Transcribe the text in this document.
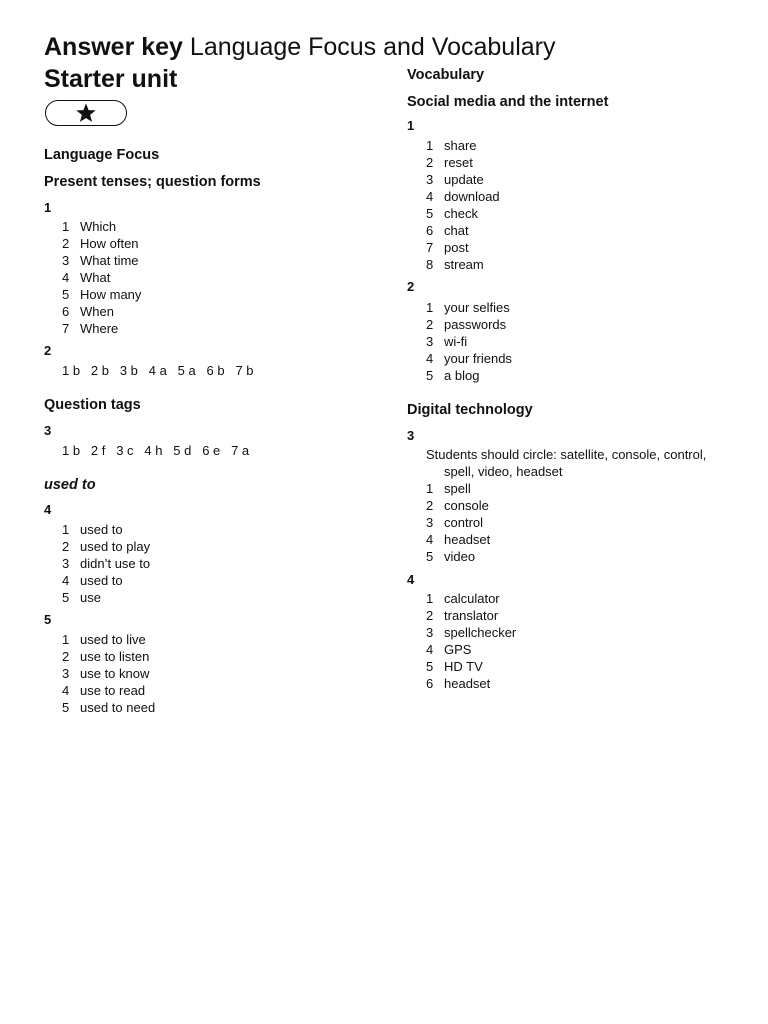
Answer key Language Focus and Vocabulary
Starter unit
Language Focus
Present tenses; question forms
1
1 Which
2 How often
3 What time
4 What
5 How many
6 When
7 Where
2
1 b   2 b   3 b   4 a   5 a   6 b   7 b
Question tags
3
1 b   2 f   3 c   4 h   5 d   6 e   7 a
used to
4
1 used to
2 used to play
3 didn’t use to
4 used to
5 use
5
1 used to live
2 use to listen
3 use to know
4 use to read
5 used to need
Vocabulary
Social media and the internet
1
1 share
2 reset
3 update
4 download
5 check
6 chat
7 post
8 stream
2
1 your selfies
2 passwords
3 wi-fi
4 your friends
5 a blog
Digital technology
3
Students should circle: satellite, console, control,
spell, video, headset
1 spell
2 console
3 control
4 headset
5 video
4
1 calculator
2 translator
3 spellchecker
4 GPS
5 HD TV
6 headset
